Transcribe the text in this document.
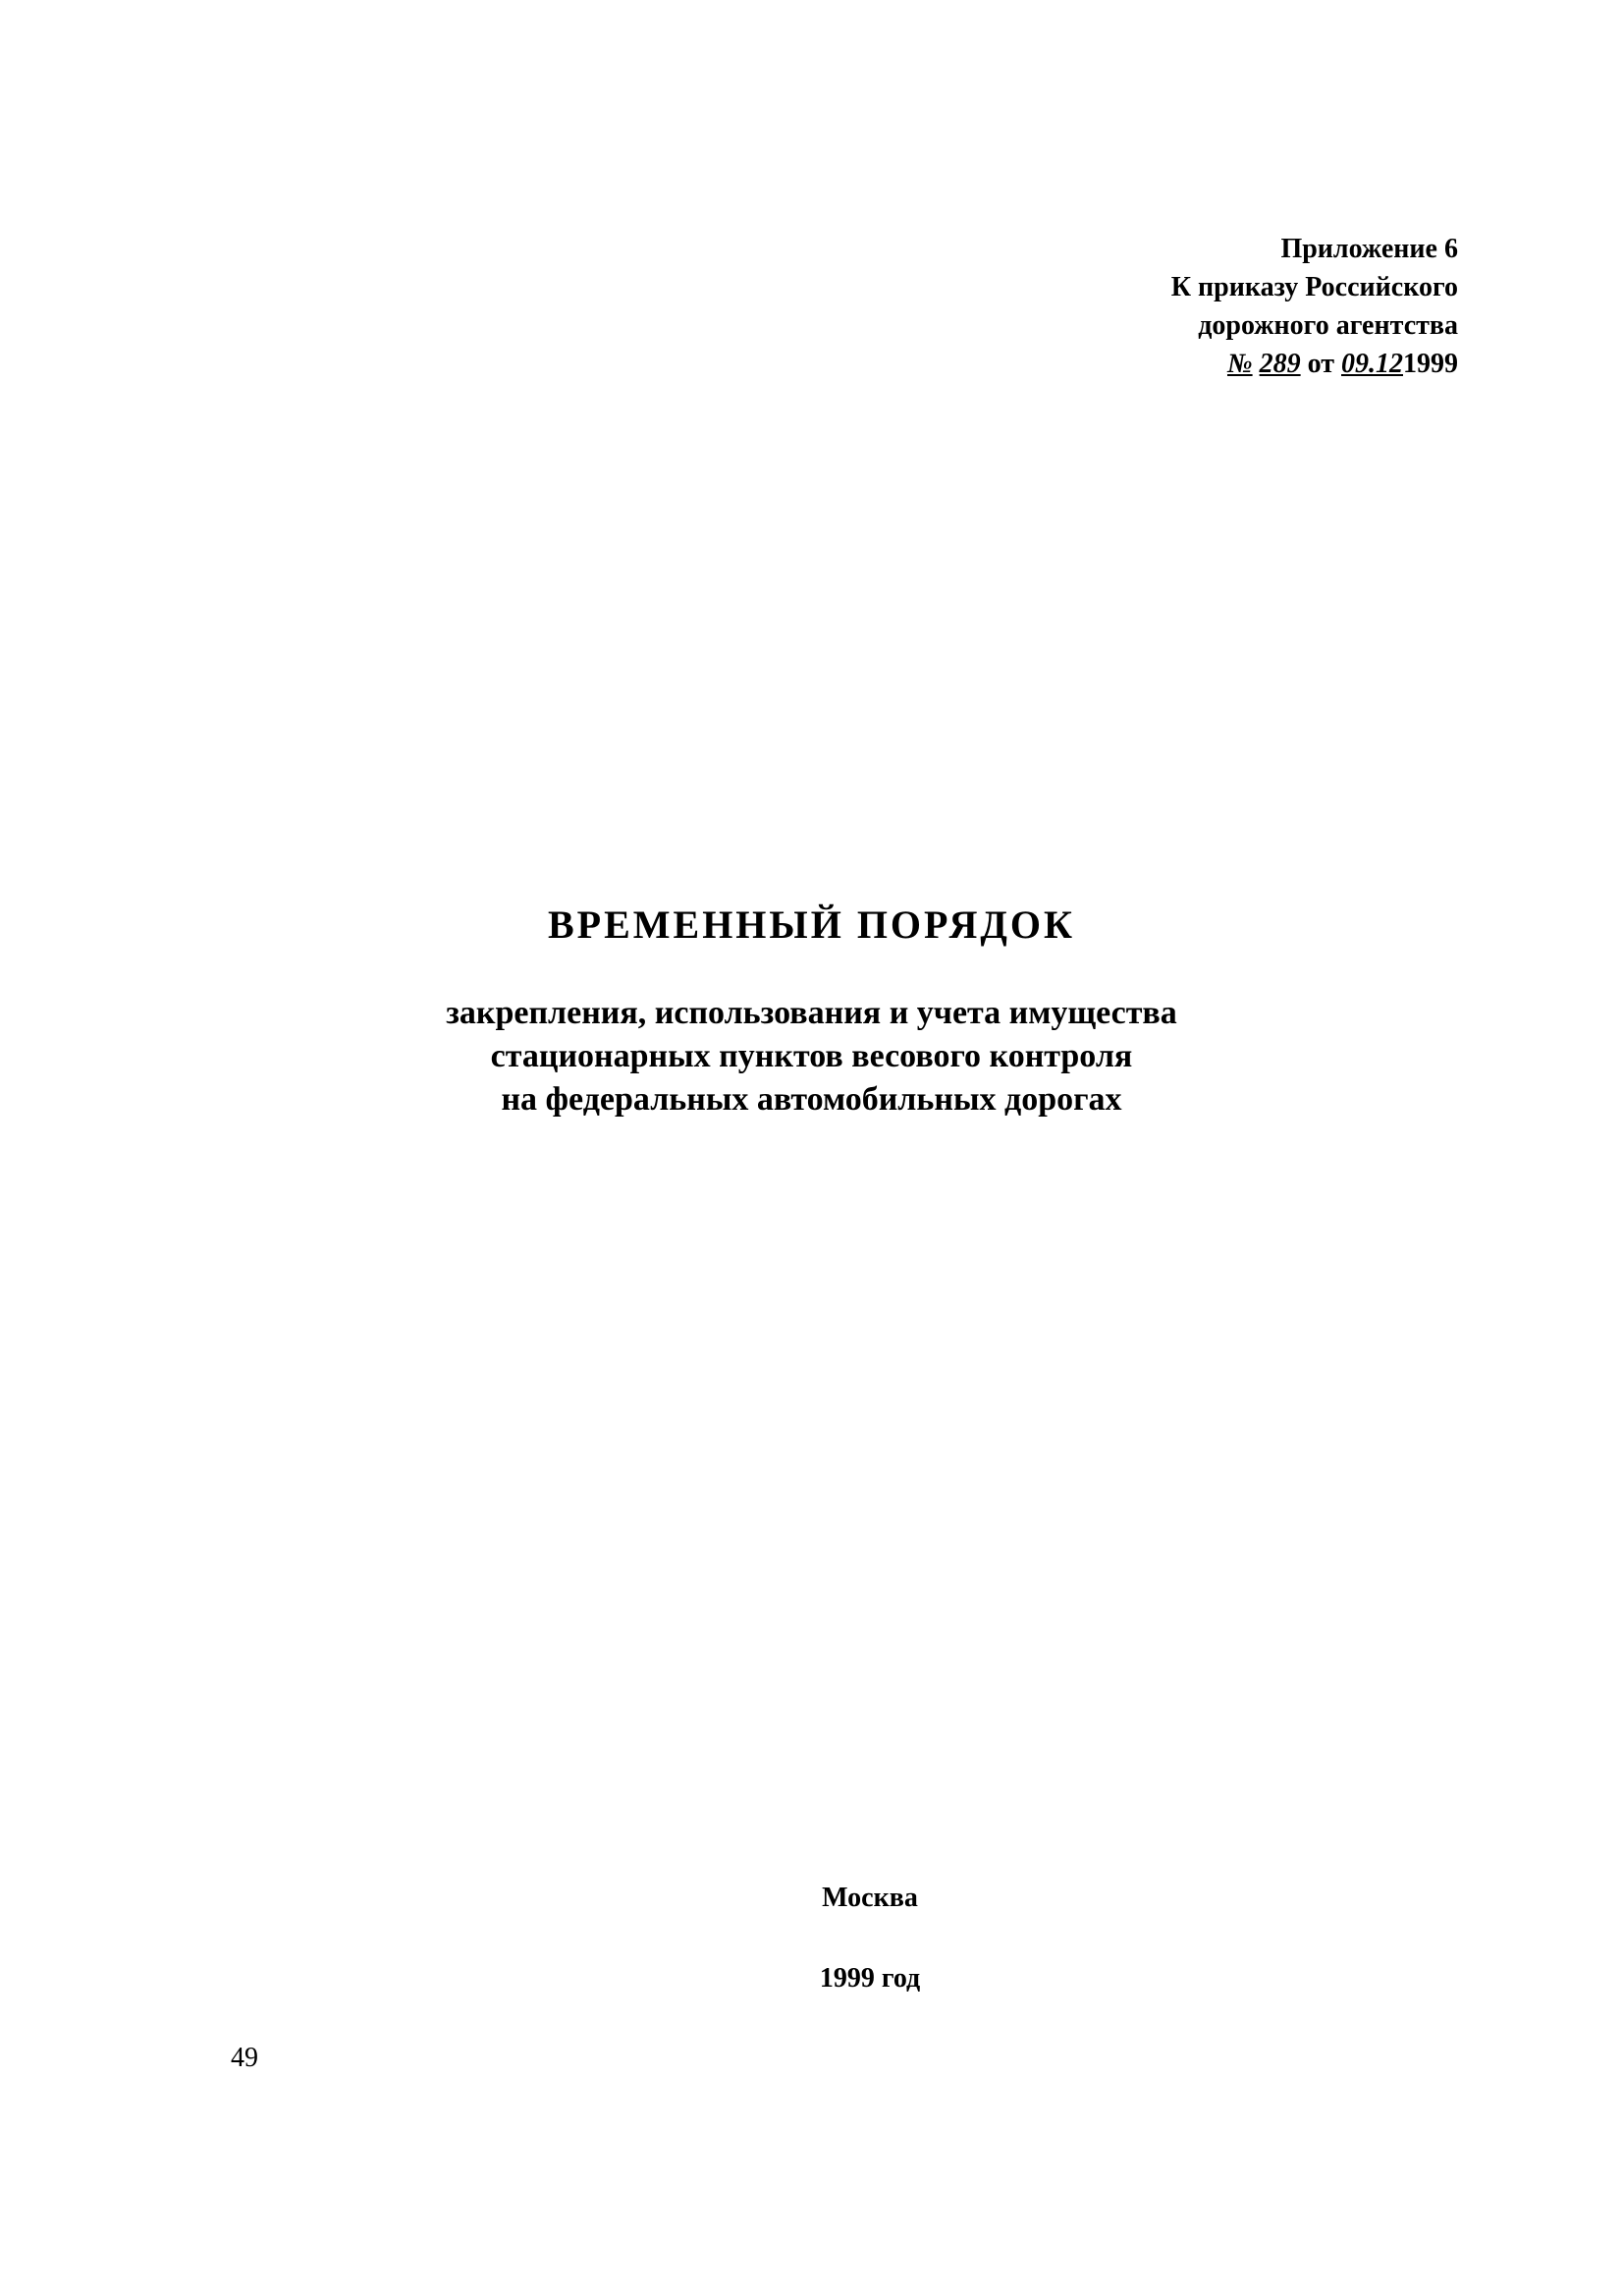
Приложение 6
К приказу Российского
дорожного агентства
№ 289 от 09.121999
ВРЕМЕННЫЙ ПОРЯДОК
закрепления, использования и учета имущества
стационарных пунктов весового контроля
на федеральных автомобильных дорогах
Москва
1999 год
49
